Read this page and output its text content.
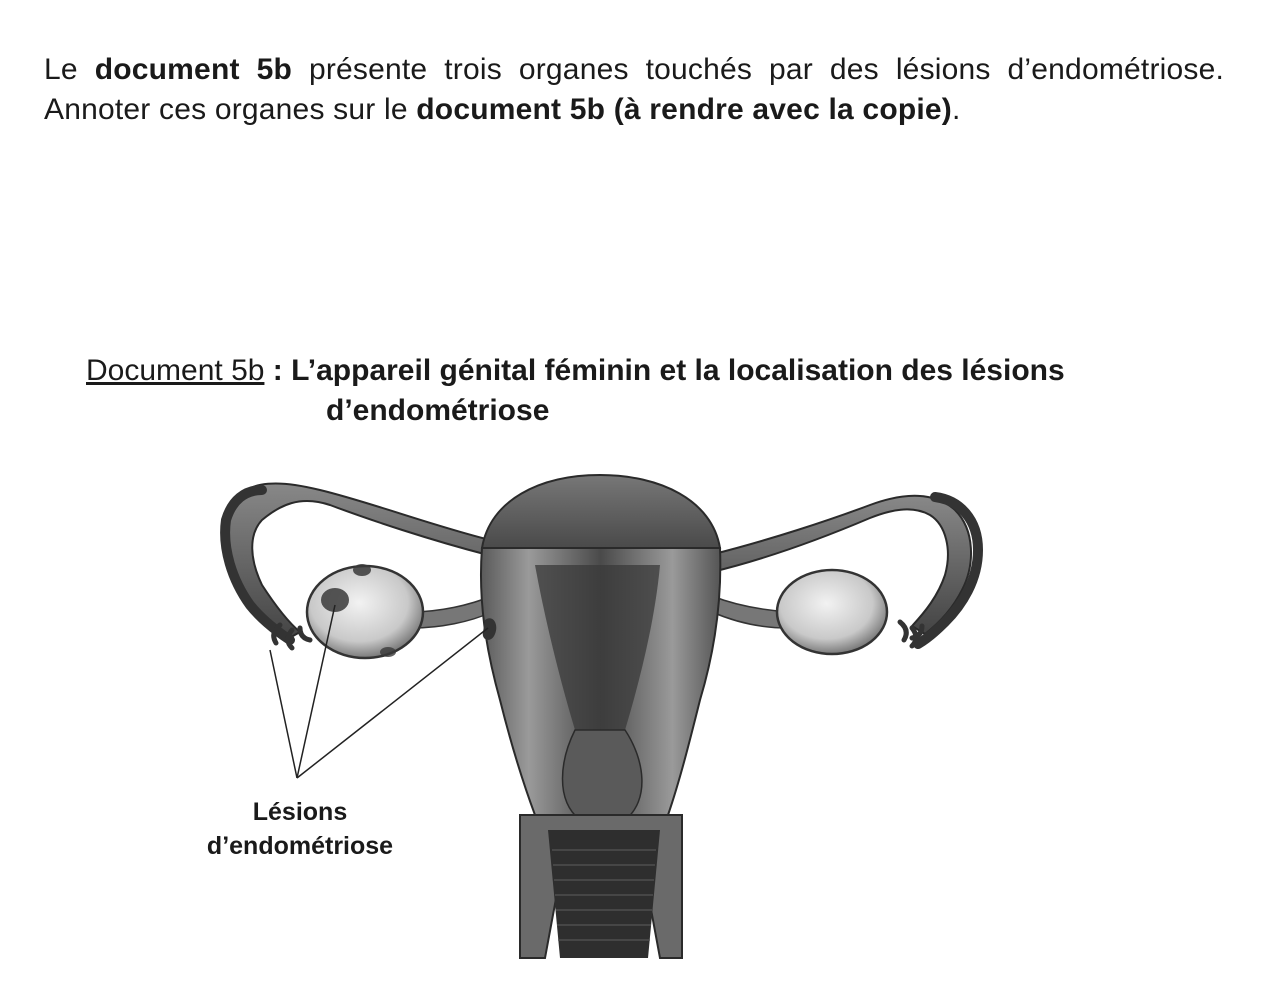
Le document 5b présente trois organes touchés par des lésions d’endométriose. Annoter ces organes sur le document 5b (à rendre avec la copie).
Document 5b : L’appareil génital féminin et la localisation des lésions
d’endométriose
Lésions
d’endométriose
